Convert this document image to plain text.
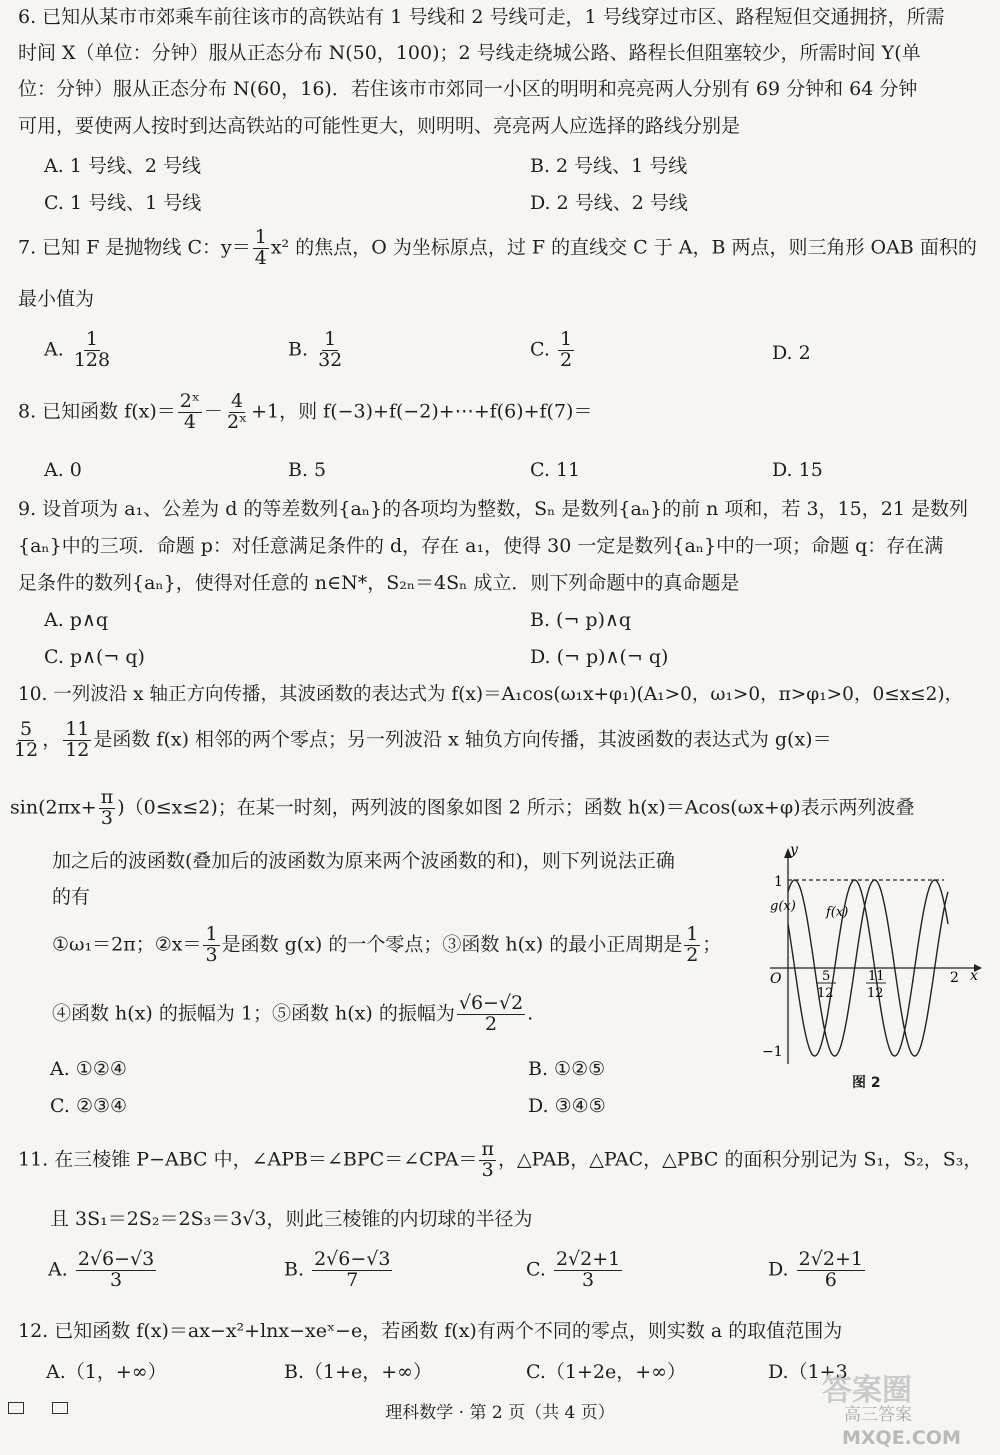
6. 已知从某市市郊乘车前往该市的高铁站有 1 号线和 2 号线可走，1 号线穿过市区、路程短但交通拥挤，所需
时间 X（单位：分钟）服从正态分布 N(50，100)；2 号线走绕城公路、路程长但阻塞较少，所需时间 Y(单
位：分钟）服从正态分布 N(60，16)．若住该市市郊同一小区的明明和亮亮两人分别有 69 分钟和 64 分钟
可用，要使两人按时到达高铁站的可能性更大，则明明、亮亮两人应选择的路线分别是
A. 1 号线、2 号线	B. 2 号线、1 号线
C. 1 号线、1 号线	D. 2 号线、2 号线
7. 已知 F 是抛物线 C：$y= \frac{1}{4} x^2$ 的焦点，O 为坐标原点，过 F 的直线交 C 于 A，B 两点，则三角形 OAB 面积的
最小值为
A. $\frac{1}{128}$	B. $\frac{1}{32}$	C. $\frac{1}{2}$	D. 2
8. 已知函数 $f(x)= \frac{\text{2ˣ}}{4} - \frac{4}{\text{2ˣ}} +1$，则 f(−3)+f(−2)+⋯+f(6)+f(7)＝
A. 0	B. 5	C. 11	D. 15
9. 设首项为 a₁、公差为 d 的等差数列{aₙ}的各项均为整数，Sₙ 是数列{aₙ}的前 n 项和，若 3，15，21 是数列
{aₙ}中的三项．命题 p：对任意满足条件的 d，存在 a₁，使得 30 一定是数列{aₙ}中的一项；命题 q：存在满
足条件的数列{aₙ}，使得对任意的 n∈N*，S₂ₙ＝4Sₙ 成立．则下列命题中的真命题是
A. p∧q	B. (¬ p)∧q
C. p∧(¬ q)	D. (¬ p)∧(¬ q)
10. 一列波沿 x 轴正方向传播，其波函数的表达式为 f(x)＝A₁cos(ω₁x+φ₁)(A₁>0，ω₁>0，π>φ₁>0，0≤x≤2)，
$\frac{5}{12}$ ， $\frac{11}{12}$ 是函数 f(x) 相邻的两个零点；另一列波沿 x 轴负方向传播，其波函数的表达式为 g(x)＝
$\sin(2\pi x+ \frac{\pi}{3} )(0\le x\le 2)$；在某一时刻，两列波的图象如图 2 所示；函数 h(x)＝Acos(ωx+φ)表示两列波叠
加之后的波函数(叠加后的波函数为原来两个波函数的和)，则下列说法正确
的有
①ω₁＝2π；②x＝ $\frac{1}{3}$ 是函数 g(x) 的一个零点；③函数 h(x) 的最小正周期是 $\frac{1}{2}$ ；
④函数 h(x) 的振幅为 1；⑤函数 h(x) 的振幅为 $\frac{√6-√2}{2}$ .
A. ①②④	B. ①②⑤
C. ②③④	D. ③④⑤
y
x
O
1
−1
2
5
12
11
12
g(x) f(x)
图 2
11. 在三棱锥 P−ABC 中，∠APB＝∠BPC＝∠CPA＝ $\frac{\pi}{3}$ ，△PAB，△PAC，△PBC 的面积分别记为 S₁，S₂，S₃，
且 3S₁＝2S₂＝2S₃＝3√3，则此三棱锥的内切球的半径为
A. $\frac{2√6-√3}{3}$	B. $\frac{2√6-√3}{7}$	C. $\frac{2√2+1}{3}$	D. $\frac{2√2+1}{6}$
12. 已知函数 f(x)＝ax−x²+lnx−xeˣ−e，若函数 f(x)有两个不同的零点，则实数 a 的取值范围为
A.（1，+∞）	B.（1+e，+∞）	C.（1+2e，+∞）	D.（1+3
理科数学 · 第 2 页（共 4 页）
答案圈
高三答案
MXQE.COM
